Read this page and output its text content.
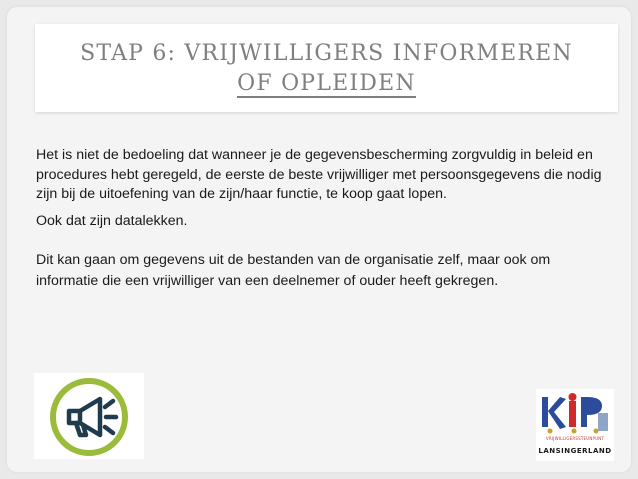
STAP 6: VRIJWILLIGERS INFORMEREN
OF OPLEIDEN

Het is niet de bedoeling dat wanneer je de gegevensbescherming zorgvuldig in beleid en procedures hebt geregeld, de eerste de beste vrijwilliger met persoonsgegevens die nodig zijn bij de uitoefening van de zijn/haar functie, te koop gaat lopen.

Ook dat zijn datalekken.

Dit kan gaan om gegevens uit de bestanden van de organisatie zelf, maar ook om informatie die een vrijwilliger van een deelnemer of ouder heeft gekregen.

VRIJWILLIGERSSTEUNPUNT
LANSINGERLAND
